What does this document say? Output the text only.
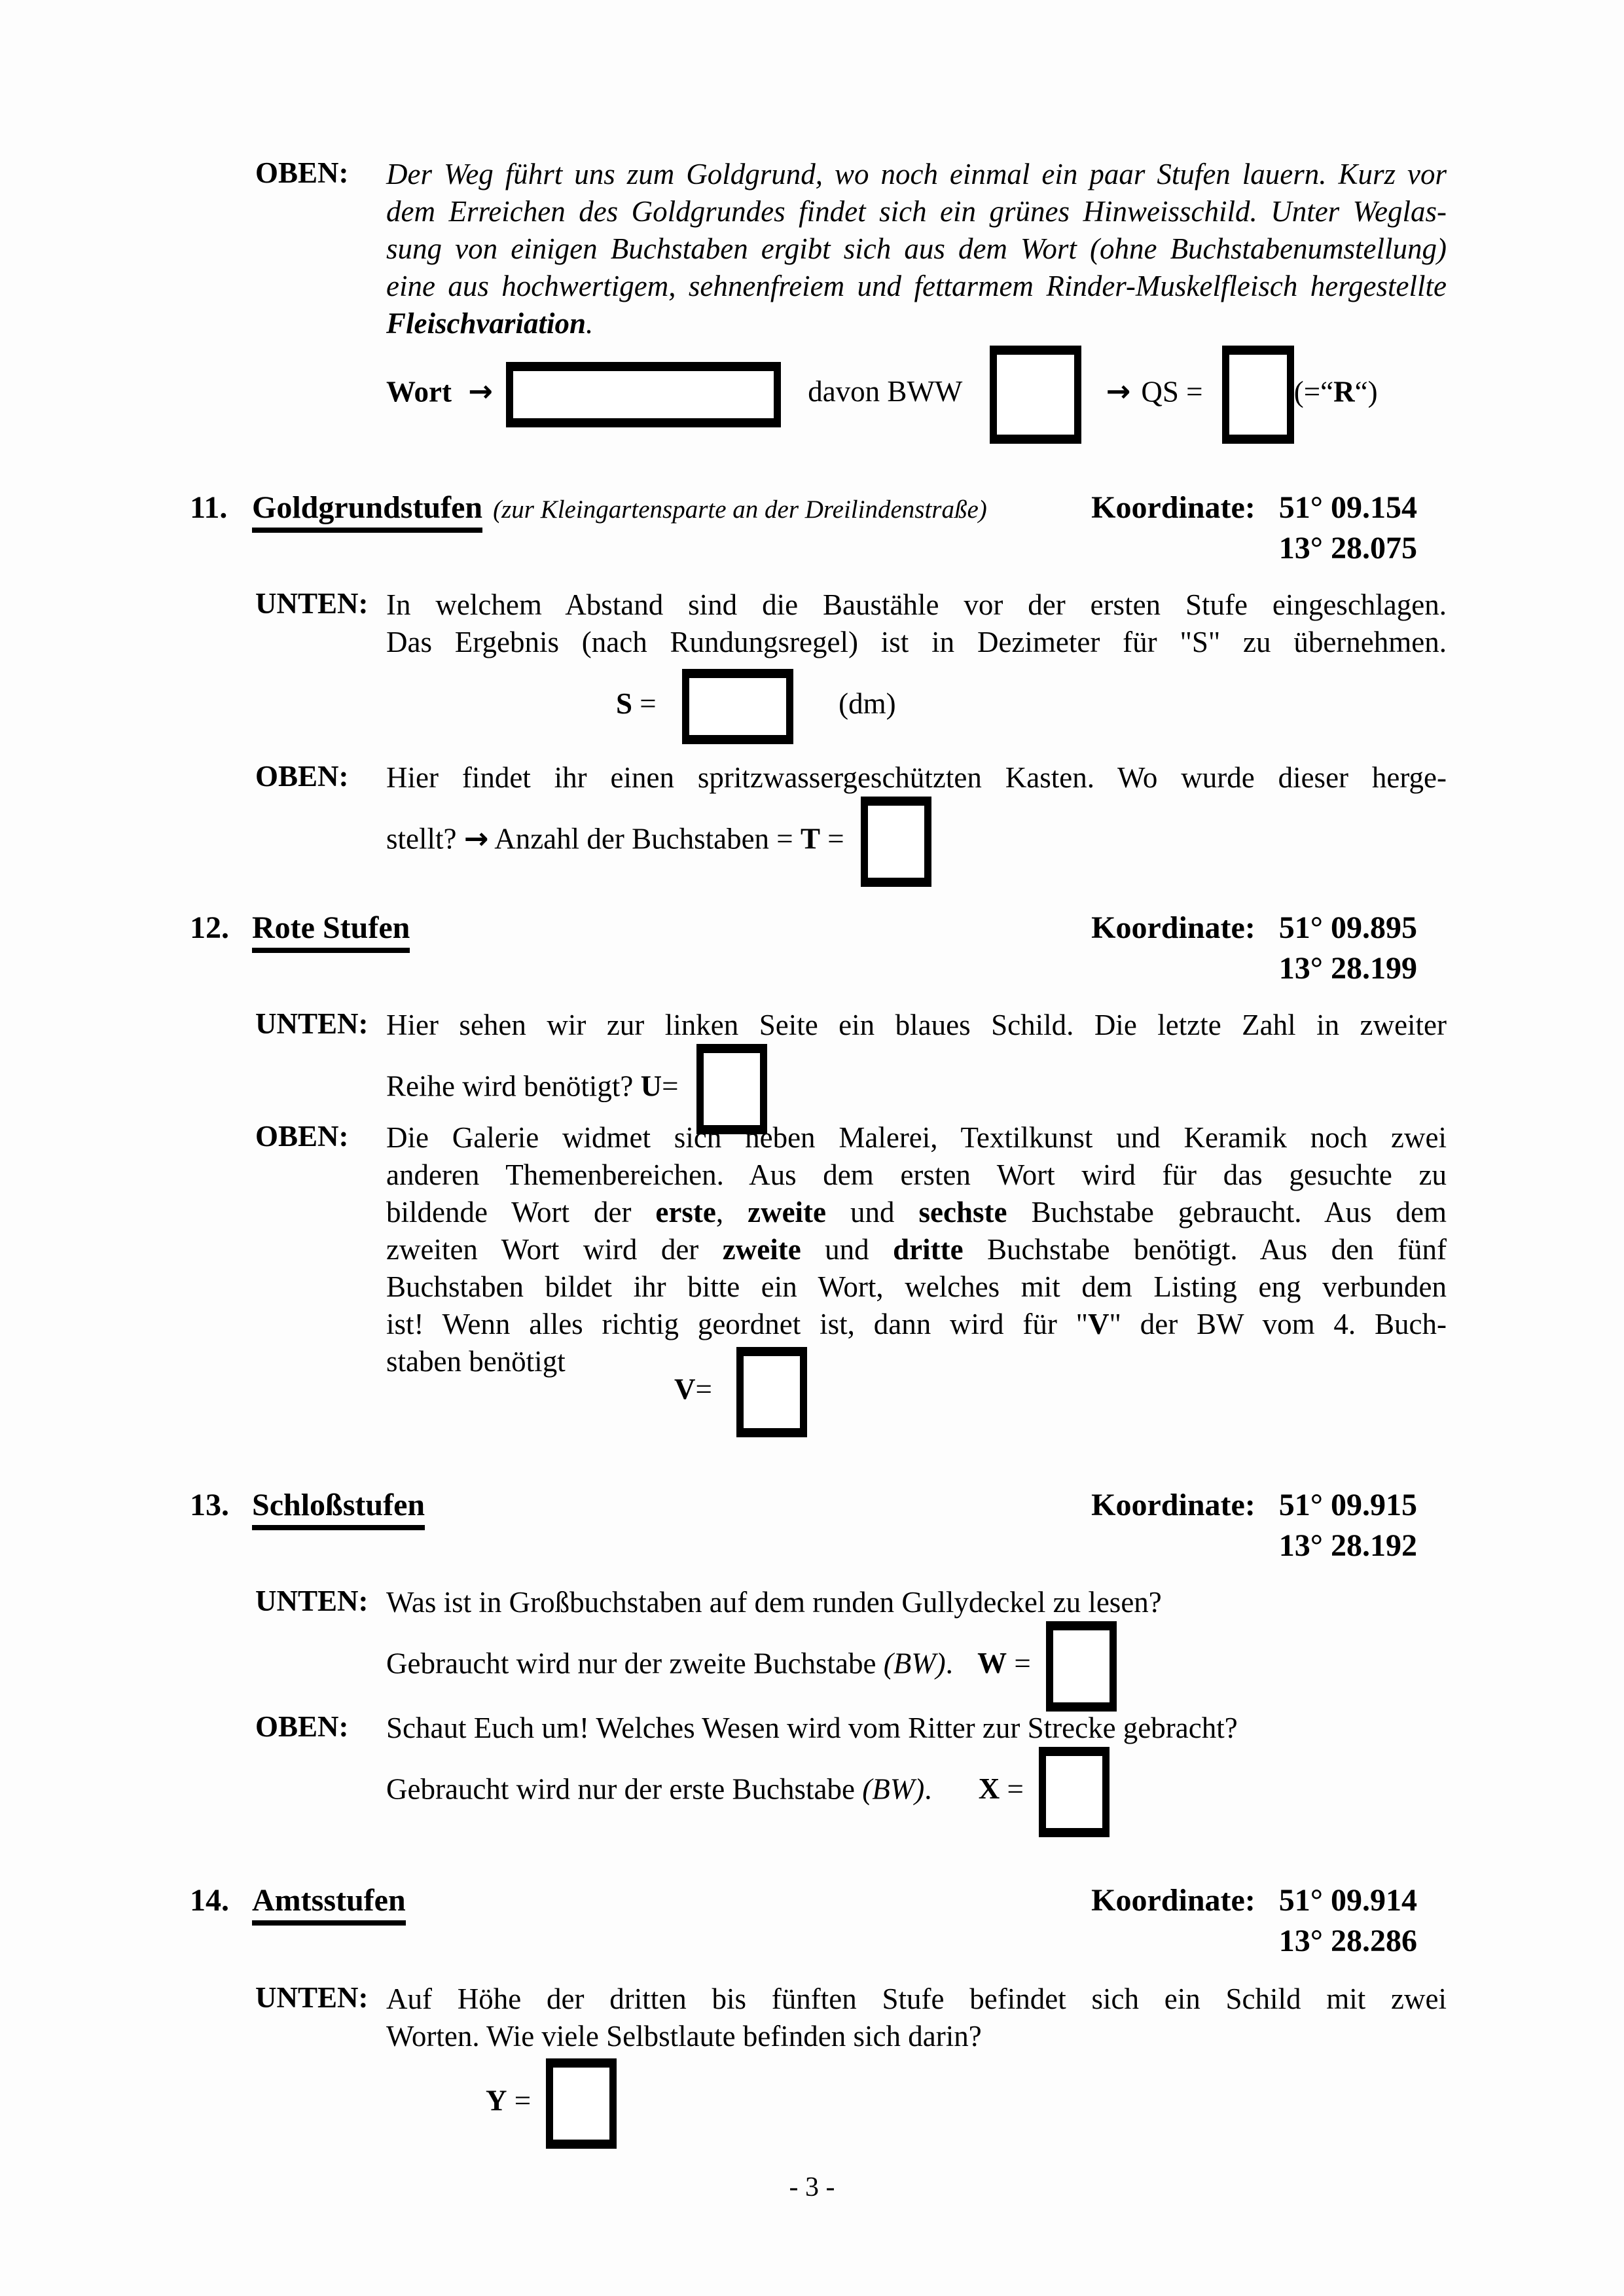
OBEN:	Der Weg führt uns zum Goldgrund, wo noch einmal ein paar Stufen lauern. Kurz vor
dem Erreichen des Goldgrundes findet sich ein grünes Hinweisschild. Unter Weglas-
sung von einigen Buchstaben ergibt sich aus dem Wort (ohne Buchstabenumstellung)
eine aus hochwertigem, sehnenfreiem und fettarmem Rinder-Muskelfleisch hergestellte
Fleischvariation.
Wort →	davon BWW	→ QS =	(=“R“)
11. Goldgrundstufen (zur Kleingartensparte an der Dreilindenstraße)	Koordinate: 51° 09.154
13° 28.075
UNTEN: In welchem Abstand sind die Baustähle vor der ersten Stufe eingeschlagen.
Das Ergebnis (nach Rundungsregel) ist in Dezimeter für "S" zu übernehmen.
S =	(dm)
OBEN:	Hier findet ihr einen spritzwassergeschützten Kasten. Wo wurde dieser herge-
stellt? → Anzahl der Buchstaben = T =
12. Rote Stufen	Koordinate: 51° 09.895
13° 28.199
UNTEN: Hier sehen wir zur linken Seite ein blaues Schild. Die letzte Zahl in zweiter
Reihe wird benötigt? U=
OBEN:	Die Galerie widmet sich neben Malerei, Textilkunst und Keramik noch zwei
anderen Themenbereichen. Aus dem ersten Wort wird für das gesuchte zu
bildende Wort der erste, zweite und sechste Buchstabe gebraucht. Aus dem
zweiten Wort wird der zweite und dritte Buchstabe benötigt. Aus den fünf
Buchstaben bildet ihr bitte ein Wort, welches mit dem Listing eng verbunden
ist! Wenn alles richtig geordnet ist, dann wird für "V" der BW vom 4. Buch-
staben benötigt
V=
13. Schloßstufen	Koordinate: 51° 09.915
13° 28.192
UNTEN: Was ist in Großbuchstaben auf dem runden Gullydeckel zu lesen?
Gebraucht wird nur der zweite Buchstabe (BW). W =
OBEN:	Schaut Euch um! Welches Wesen wird vom Ritter zur Strecke gebracht?
Gebraucht wird nur der erste Buchstabe (BW). X =
14. Amtsstufen	Koordinate: 51° 09.914
13° 28.286
UNTEN: Auf Höhe der dritten bis fünften Stufe befindet sich ein Schild mit zwei
Worten. Wie viele Selbstlaute befinden sich darin?
Y =
- 3 -
